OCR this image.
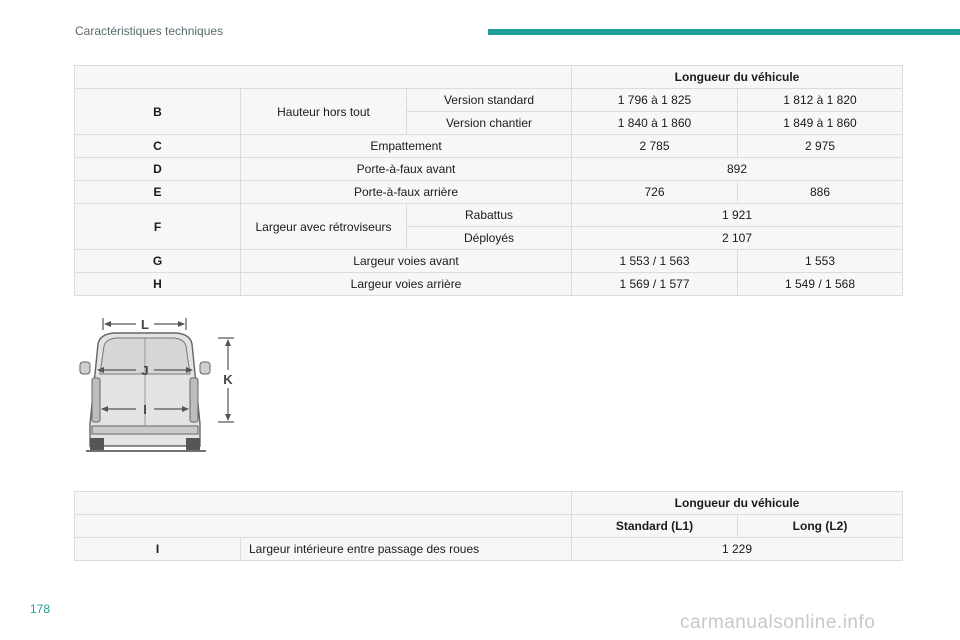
Caractéristiques techniques
			Longueur du véhicule	
B	Hauteur hors tout	Version standard	1 796 à 1 825	1 812 à 1 820
		Version chantier	1 840 à 1 860	1 849 à 1 860
C	Empattement		2 785	2 975
D	Porte-à-faux avant		892	
E	Porte-à-faux arrière		726	886
F	Largeur avec rétroviseurs	Rabattus	1 921	
		Déployés	2 107	
G	Largeur voies avant		1 553 / 1 563	1 553
H	Largeur voies arrière		1 569 / 1 577	1 549 / 1 568
L
J
I
K
		Longueur du véhicule	
		Standard (L1)	Long (L2)
I	Largeur intérieure entre passage des roues	1 229	
178
carmanualsonline.info
